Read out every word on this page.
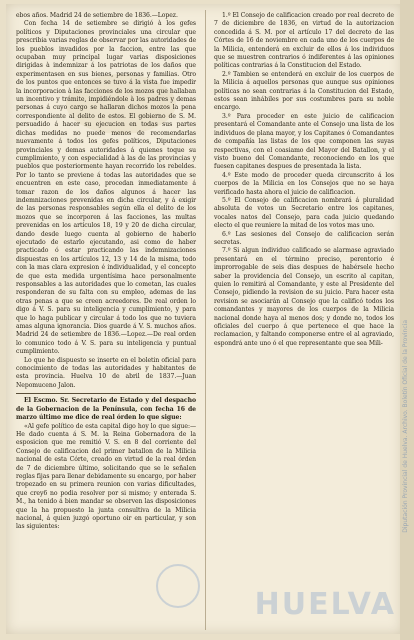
ebos años. Madrid 24 de setiembre de 1836.—Lopez.

Con fecha 14 de setiembre se dirigió à los gefes políticos y Diputaciones provinciales una circular que prescribia varias reglas de observar por las autoridades de los pueblos invadidos por la faccion, entre las que ocupaban muy principal lugar varias disposiciones dirigidas à indemnizar á los patriotas de los daños que experimentasen en sus bienes, personas y familias. Otro de los puntos que entonces se tuvo á la vista fue impedir la incorporacion à las facciones de los mozos que hallaban un incentivo y trámite, impidiéndole à los padres y demas personas á cuyo cargo se hallaran dichos mozos la pena correspondiente al delito de estos. El gobierno de S. M. persuadido á hacer su ejecucion en todas sus partes dichas medidas no puede menos de recomendarlas nuevamente á todos los gefes políticos, Diputaciones provinciales y demas autoridades á quienes toque su cumplimiento, y con especialidad à las de las provincias y pueblos que posteriormente hayan recorrido los rebeldes. Por lo tanto se previene á todas las autoridades que se encuentren en este caso, procedan inmediatamente á tomar razon de los daños algunos á hacer las indemnizaciones prevenidas en dicha circular, y á exigir de las personas responsables según ella el delito de los mozos que se incorporen á las facciones, las multas prevenidas en los artículos 18, 19 y 20 de dicha circular, dando desde luego cuenta al gobierno de haberlo ejecutado de estarlo ejecutando, asi como de haber practicado ó estar practicando las indemnizaciones dispuestas en los artículos 12, 13 y 14 de la misma, todo con la mas clara expresion é individualidad, y el concepto de que esta medida urgentísima hace personalmente responsables a las autoridades que lo cometan, las cuales responderan de su falta con su empleo, ademas de las otras penas a que se creen acreedores. De real orden lo digo á V. S. para su inteligencia y cumplimiento, y para que lo haga publicar y circular á todo los que no tuviera amas alguna ignorancia. Dios guarde á V. S. muchos años. Madrid 24 de setiembre de 1836.—Lopez.—De real orden lo comunico todo á V. S. para su inteligencia y puntual cumplimiento.

Lo que he dispuesto se inserte en el boletin oficial para conocimiento de todas las autoridades y habitantes de esta provincia. Huelva 10 de abril de 1837.—Juan Nepomuceno Jalon.

El Escmo. Sr. Secretario de Estado y del despacho de la Gobernacion de la Península, con fecha 16 de marzo último me dice de real órden lo que sigue:

«Al gefe político de esta capital digo hoy lo que sigue:—He dado cuenta á S. M. la Reina Gobernadora de la esposicion que me remitió V. S. en 8 del corriente del Consejo de calificacion del primer batallon de la Milicia nacional de esta Córte, creado en virtud de la real órden de 7 de diciembre último, solicitando que se le señalen reglas fijas para llenar debidamente su encargo, por haber tropezado en su primera reunion con varias dificultades, que crey6 no podia resolver por si mismo; y enterada S. M., ha tenido á bien mandar se observen las disposiciones que la ha propuesto la junta consultiva de la Milicia nacional, á quien juzgó oportuno oir en particular, y son las siguientes:

1.º El Consejo de calificacion creado por real decreto de 7 de diciembre de 1836, en virtud de la autorizacion concedida á S. M. por el artículo 17 del decreto de las Córtes de 16 de noviembre en cada uno de los cuerpos de la Milicia, entenderá en excluir de ellos á los individuos que se muestren contrarios ó indiferentes á las opiniones políticas contrarias á la Constitucion del Estado.

2.º Tambien se entenderá en excluir de los cuerpos de la Milicia á aquellos personas que aunque sus opiniones políticas no sean contrarias á la Constitucion del Estado, estos sean inhábiles por sus costumbres para su noble encargo.

3.º Para proceder en este juicio de calificacion presentará el Comandante ante el Consejo una lista de los individuos de plana mayor, y los Capitanes ó Comandantes de compañía las listas de los que componen las suyas respectivas, con el coasiamo del Mayor del Batallon, y el visto bueno del Comandante, reconociendo en los que fuesen capitanes despues de presentada la lista.

4.º Este modo de proceder queda circunscrito á los cuerpos de la Milicia en los Consejos que no se haya verificado hasta ahora el juicio de calificacion.

5.º El Consejo de calificacion nombrará á pluralidad absoluta de votos un Secretario entre los capitanes, vocales natos del Consejo, para cada juicio quedando electo el que reuniere la mitad de los votos mas uno.

6.º Las sesiones del Consejo de calificacion serán secretas.

7.º Si algun individuo calificado se alarmase agraviado presentará en el término preciso, perentorio é improrrogable de seis dias despues de habérsele hecho saber la providencia del Consejo, un escrito al capitan, quien lo remitirá al Comandante, y este al Presidente del Consejo, pidiendo la revision de su juicio. Para hacer esta revision se asociarán al Consejo que la calificó todos los comandantes y mayores de los cuerpos de la Milicia nacional donde haya al menos dos; y donde no, todos los oficiales del cuerpo á que pertenece el que hace la reclamacion, y faltando componerse entre el al agraviado, espondrá ante uno ó el que representante que sea Mili-

HUELVA
Diputación Provincial de Huelva. Archivo. Boletín Oficial de la Provincia
